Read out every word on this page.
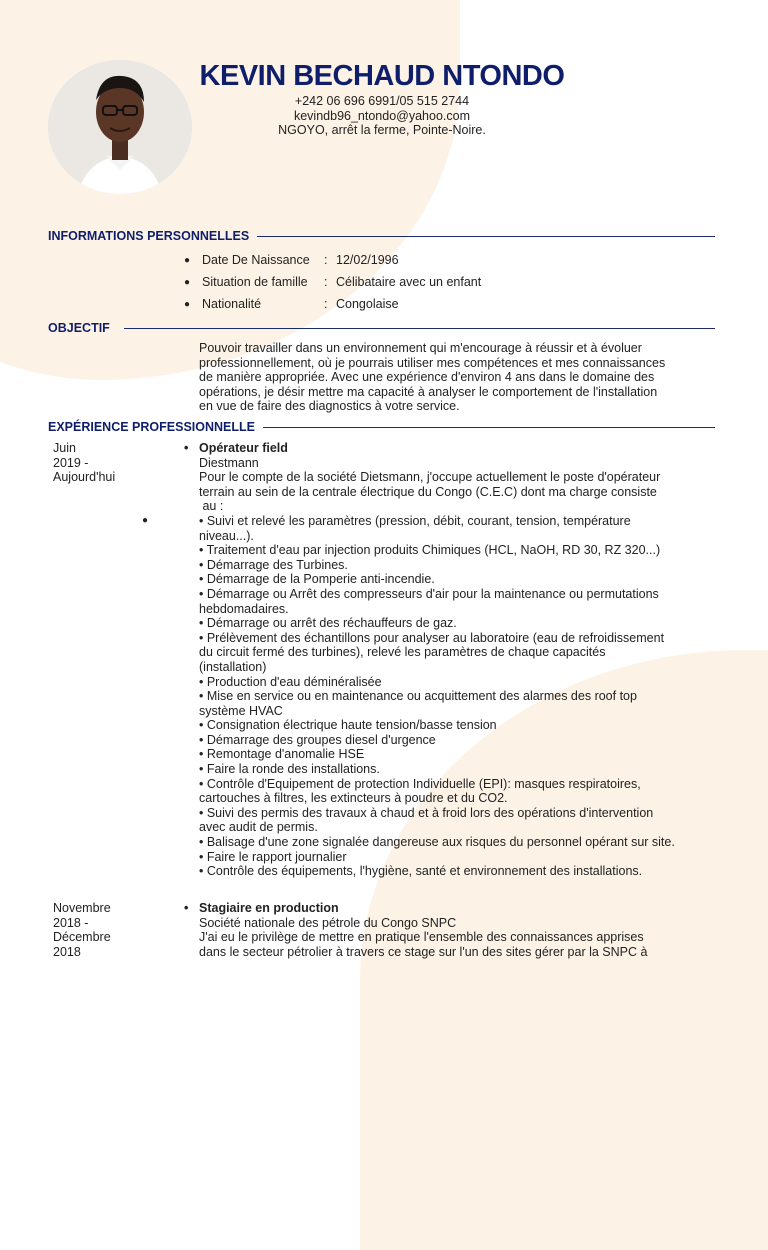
KEVIN BECHAUD NTONDO
+242 06 696 6991/05 515 2744
kevindb96_ntondo@yahoo.com
NGOYO, arrêt la ferme, Pointe-Noire.
INFORMATIONS PERSONNELLES
● Date De Naissance	: 12/02/1996
● Situation de famille	: Célibataire avec un enfant
● Nationalité	: Congolaise
OBJECTIF
Pouvoir travailler dans un environnement qui m'encourage à réussir et à évoluer
professionnellement, où je pourrais utiliser mes compétences et mes connaissances
de manière appropriée. Avec une expérience d'environ 4 ans dans le domaine des
opérations, je désir mettre ma capacité à analyser le comportement de l'installation
en vue de faire des diagnostics à votre service.
EXPÉRIENCE PROFESSIONNELLE
Juin
2019 -
Aujourd'hui
●
• Opérateur field
Diestmann
Pour le compte de la société Dietsmann, j'occupe actuellement le poste d'opérateur
terrain au sein de la centrale électrique du Congo (C.E.C) dont ma charge consiste
au :
• Suivi et relevé les paramètres (pression, débit, courant, tension, température
niveau...).
• Traitement d'eau par injection produits Chimiques (HCL, NaOH, RD 30, RZ 320...)
• Démarrage des Turbines.
• Démarrage de la Pomperie anti-incendie.
• Démarrage ou Arrêt des compresseurs d'air pour la maintenance ou permutations
hebdomadaires.
• Démarrage ou arrêt des réchauffeurs de gaz.
• Prélèvement des échantillons pour analyser au laboratoire (eau de refroidissement
du circuit fermé des turbines), relevé les paramètres de chaque capacités
(installation)
• Production d'eau déminéralisée
• Mise en service ou en maintenance ou acquittement des alarmes des roof top
système HVAC
• Consignation électrique haute tension/basse tension
• Démarrage des groupes diesel d'urgence
• Remontage d'anomalie HSE
• Faire la ronde des installations.
• Contrôle d'Equipement de protection Individuelle (EPI): masques respiratoires,
cartouches à filtres, les extincteurs à poudre et du CO2.
• Suivi des permis des travaux à chaud et à froid lors des opérations d'intervention
avec audit de permis.
• Balisage d'une zone signalée dangereuse aux risques du personnel opérant sur site.
• Faire le rapport journalier
• Contrôle des équipements, l'hygiène, santé et environnement des installations.
Novembre
2018 -
Décembre
2018
• Stagiaire en production
Société nationale des pétrole du Congo SNPC
J'ai eu le privilège de mettre en pratique l'ensemble des connaissances apprises
dans le secteur pétrolier à travers ce stage sur l'un des sites gérer par la SNPC à
